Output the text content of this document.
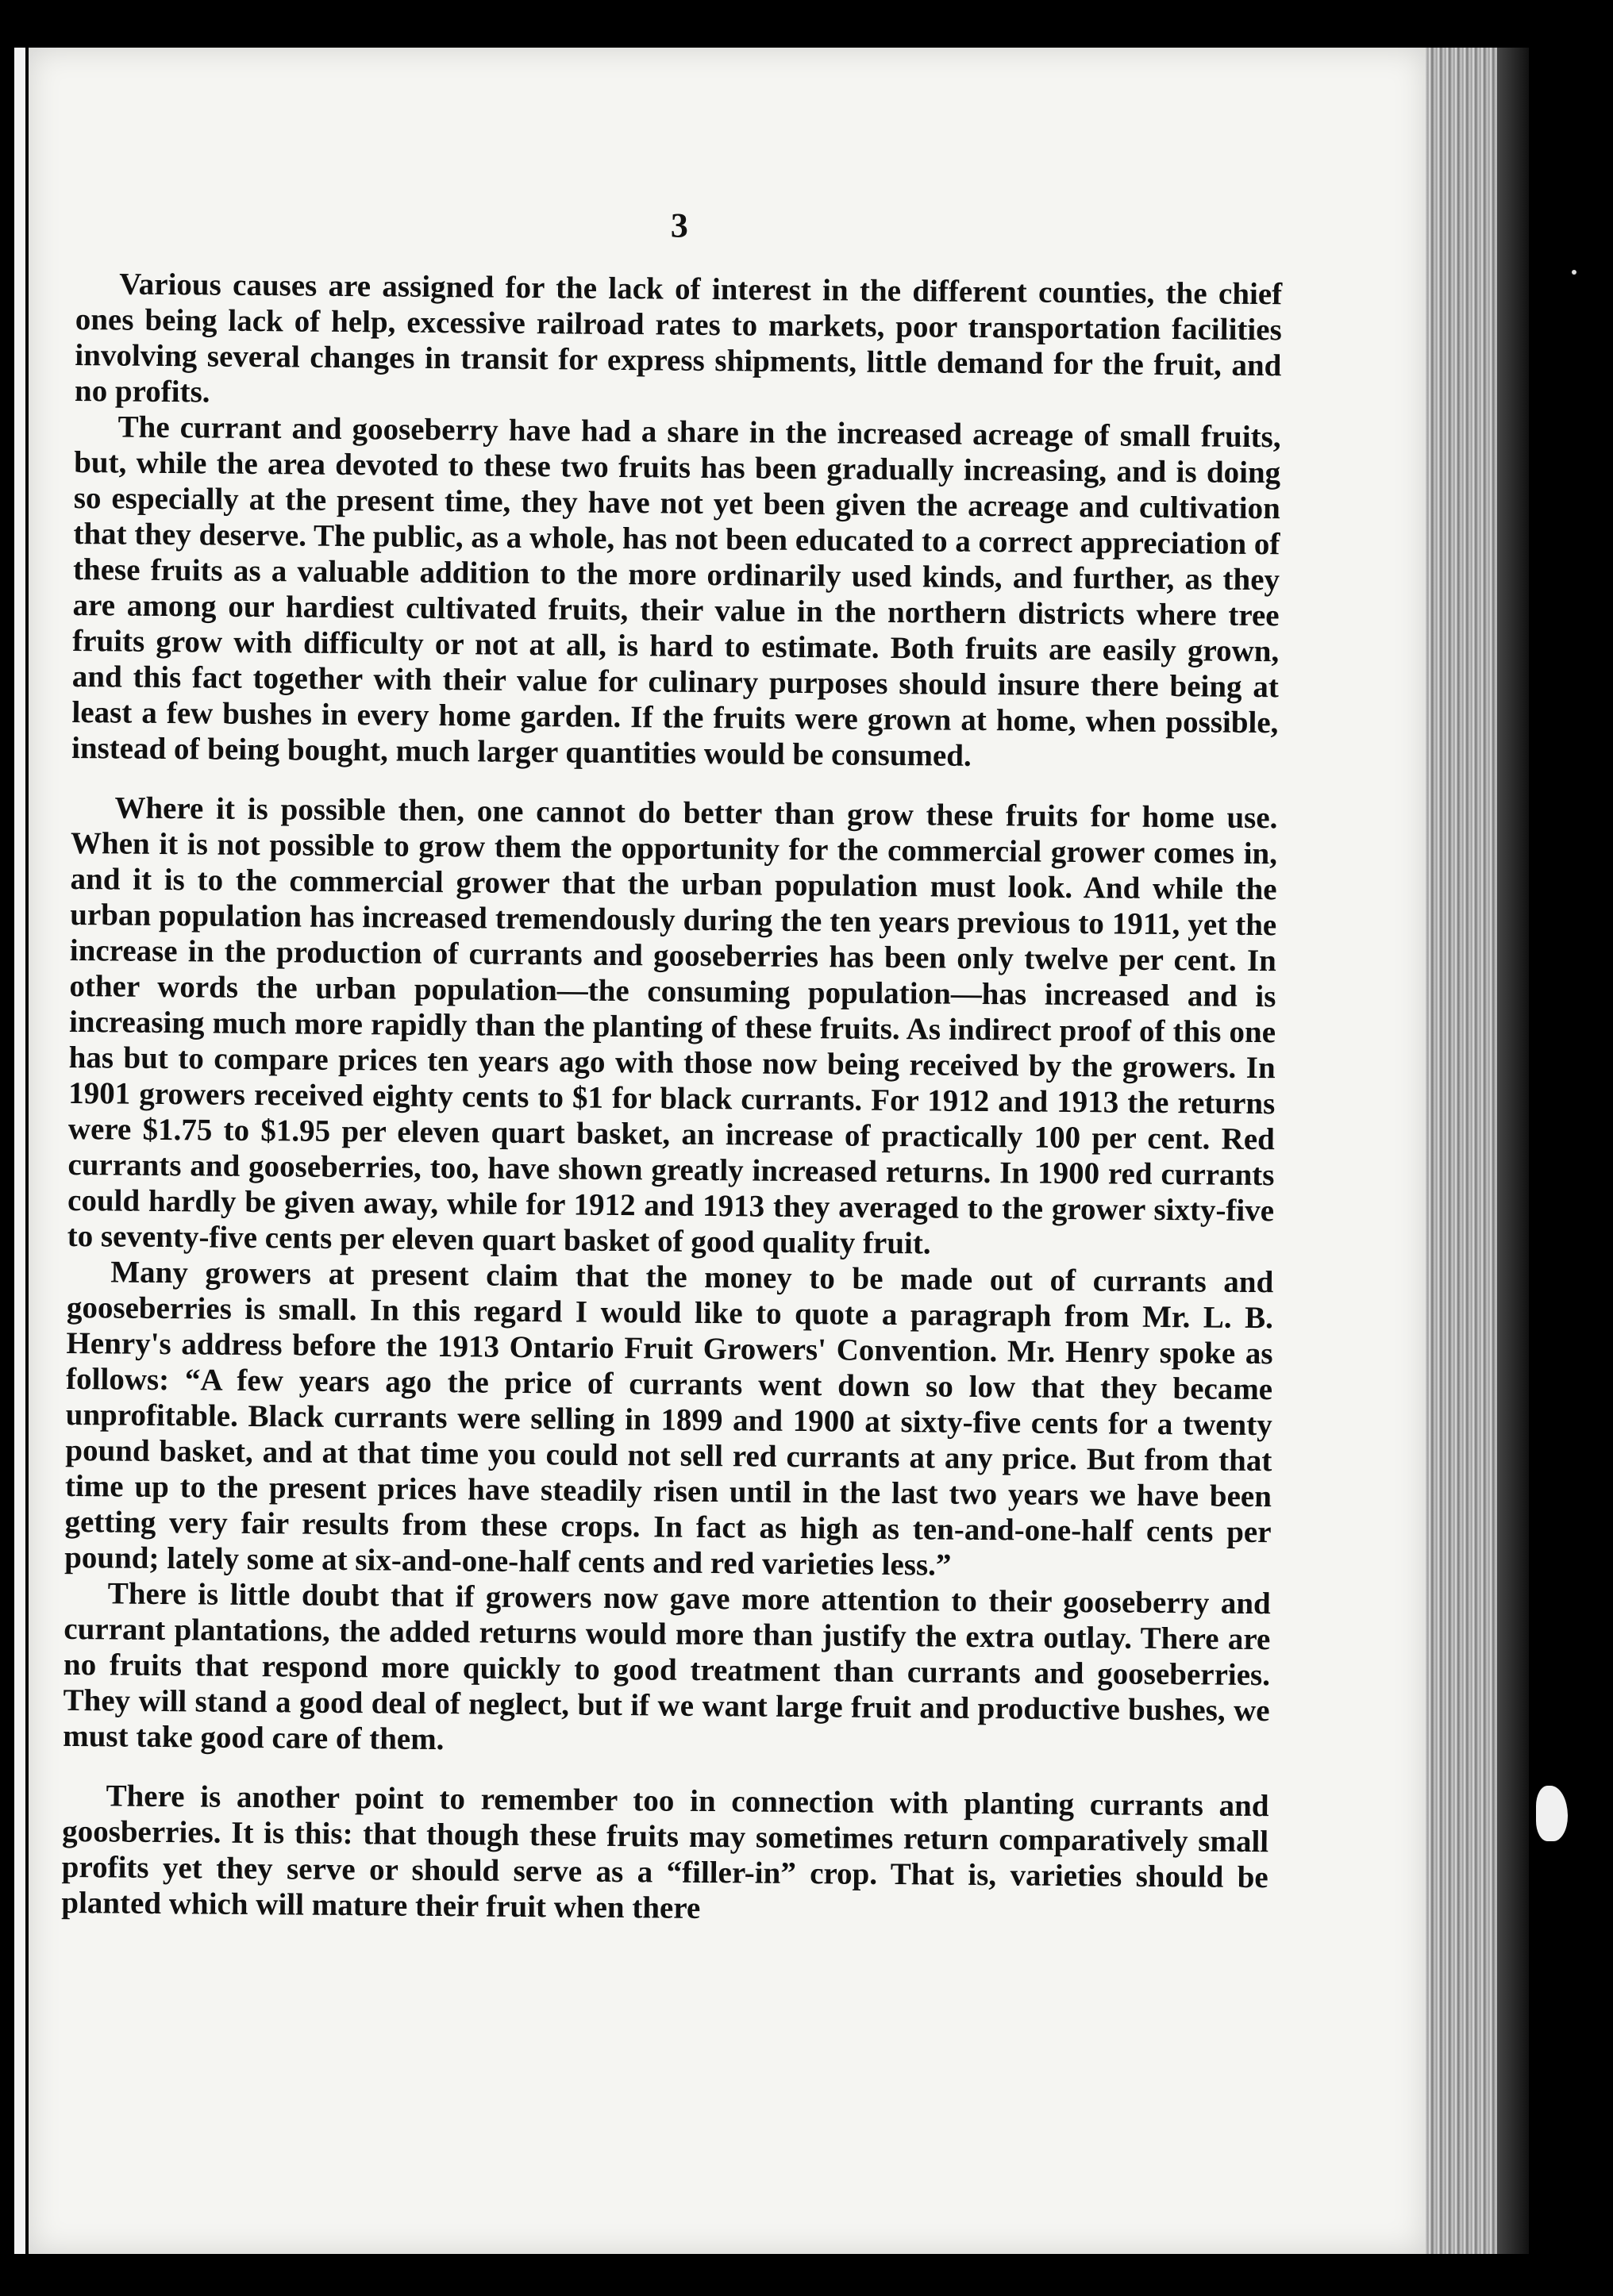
3

Various causes are assigned for the lack of interest in the different counties, the chief ones being lack of help, excessive railroad rates to markets, poor transportation facilities involving several changes in transit for express shipments, little demand for the fruit, and no profits.

The currant and gooseberry have had a share in the increased acreage of small fruits, but, while the area devoted to these two fruits has been gradually increasing, and is doing so especially at the present time, they have not yet been given the acreage and cultivation that they deserve. The public, as a whole, has not been educated to a correct appreciation of these fruits as a valuable addition to the more ordinarily used kinds, and further, as they are among our hardiest cultivated fruits, their value in the northern districts where tree fruits grow with difficulty or not at all, is hard to estimate. Both fruits are easily grown, and this fact together with their value for culinary purposes should insure there being at least a few bushes in every home garden. If the fruits were grown at home, when possible, instead of being bought, much larger quantities would be consumed.

Where it is possible then, one cannot do better than grow these fruits for home use. When it is not possible to grow them the opportunity for the commercial grower comes in, and it is to the commercial grower that the urban population must look. And while the urban population has increased tremendously during the ten years previous to 1911, yet the increase in the production of currants and gooseberries has been only twelve per cent. In other words the urban population—the consuming population—has increased and is increasing much more rapidly than the planting of these fruits. As indirect proof of this one has but to compare prices ten years ago with those now being received by the growers. In 1901 growers received eighty cents to $1 for black currants. For 1912 and 1913 the returns were $1.75 to $1.95 per eleven quart basket, an increase of practically 100 per cent. Red currants and gooseberries, too, have shown greatly increased returns. In 1900 red currants could hardly be given away, while for 1912 and 1913 they averaged to the grower sixty-five to seventy-five cents per eleven quart basket of good quality fruit.

Many growers at present claim that the money to be made out of currants and gooseberries is small. In this regard I would like to quote a paragraph from Mr. L. B. Henry's address before the 1913 Ontario Fruit Growers' Convention. Mr. Henry spoke as follows: “A few years ago the price of currants went down so low that they became unprofitable. Black currants were selling in 1899 and 1900 at sixty-five cents for a twenty pound basket, and at that time you could not sell red currants at any price. But from that time up to the present prices have steadily risen until in the last two years we have been getting very fair results from these crops. In fact as high as ten-and-one-half cents per pound; lately some at six-and-one-half cents and red varieties less.”

There is little doubt that if growers now gave more attention to their gooseberry and currant plantations, the added returns would more than justify the extra outlay. There are no fruits that respond more quickly to good treatment than currants and gooseberries. They will stand a good deal of neglect, but if we want large fruit and productive bushes, we must take good care of them.

There is another point to remember too in connection with planting currants and goosberries. It is this: that though these fruits may sometimes return comparatively small profits yet they serve or should serve as a “filler-in” crop. That is, varieties should be planted which will mature their fruit when there
